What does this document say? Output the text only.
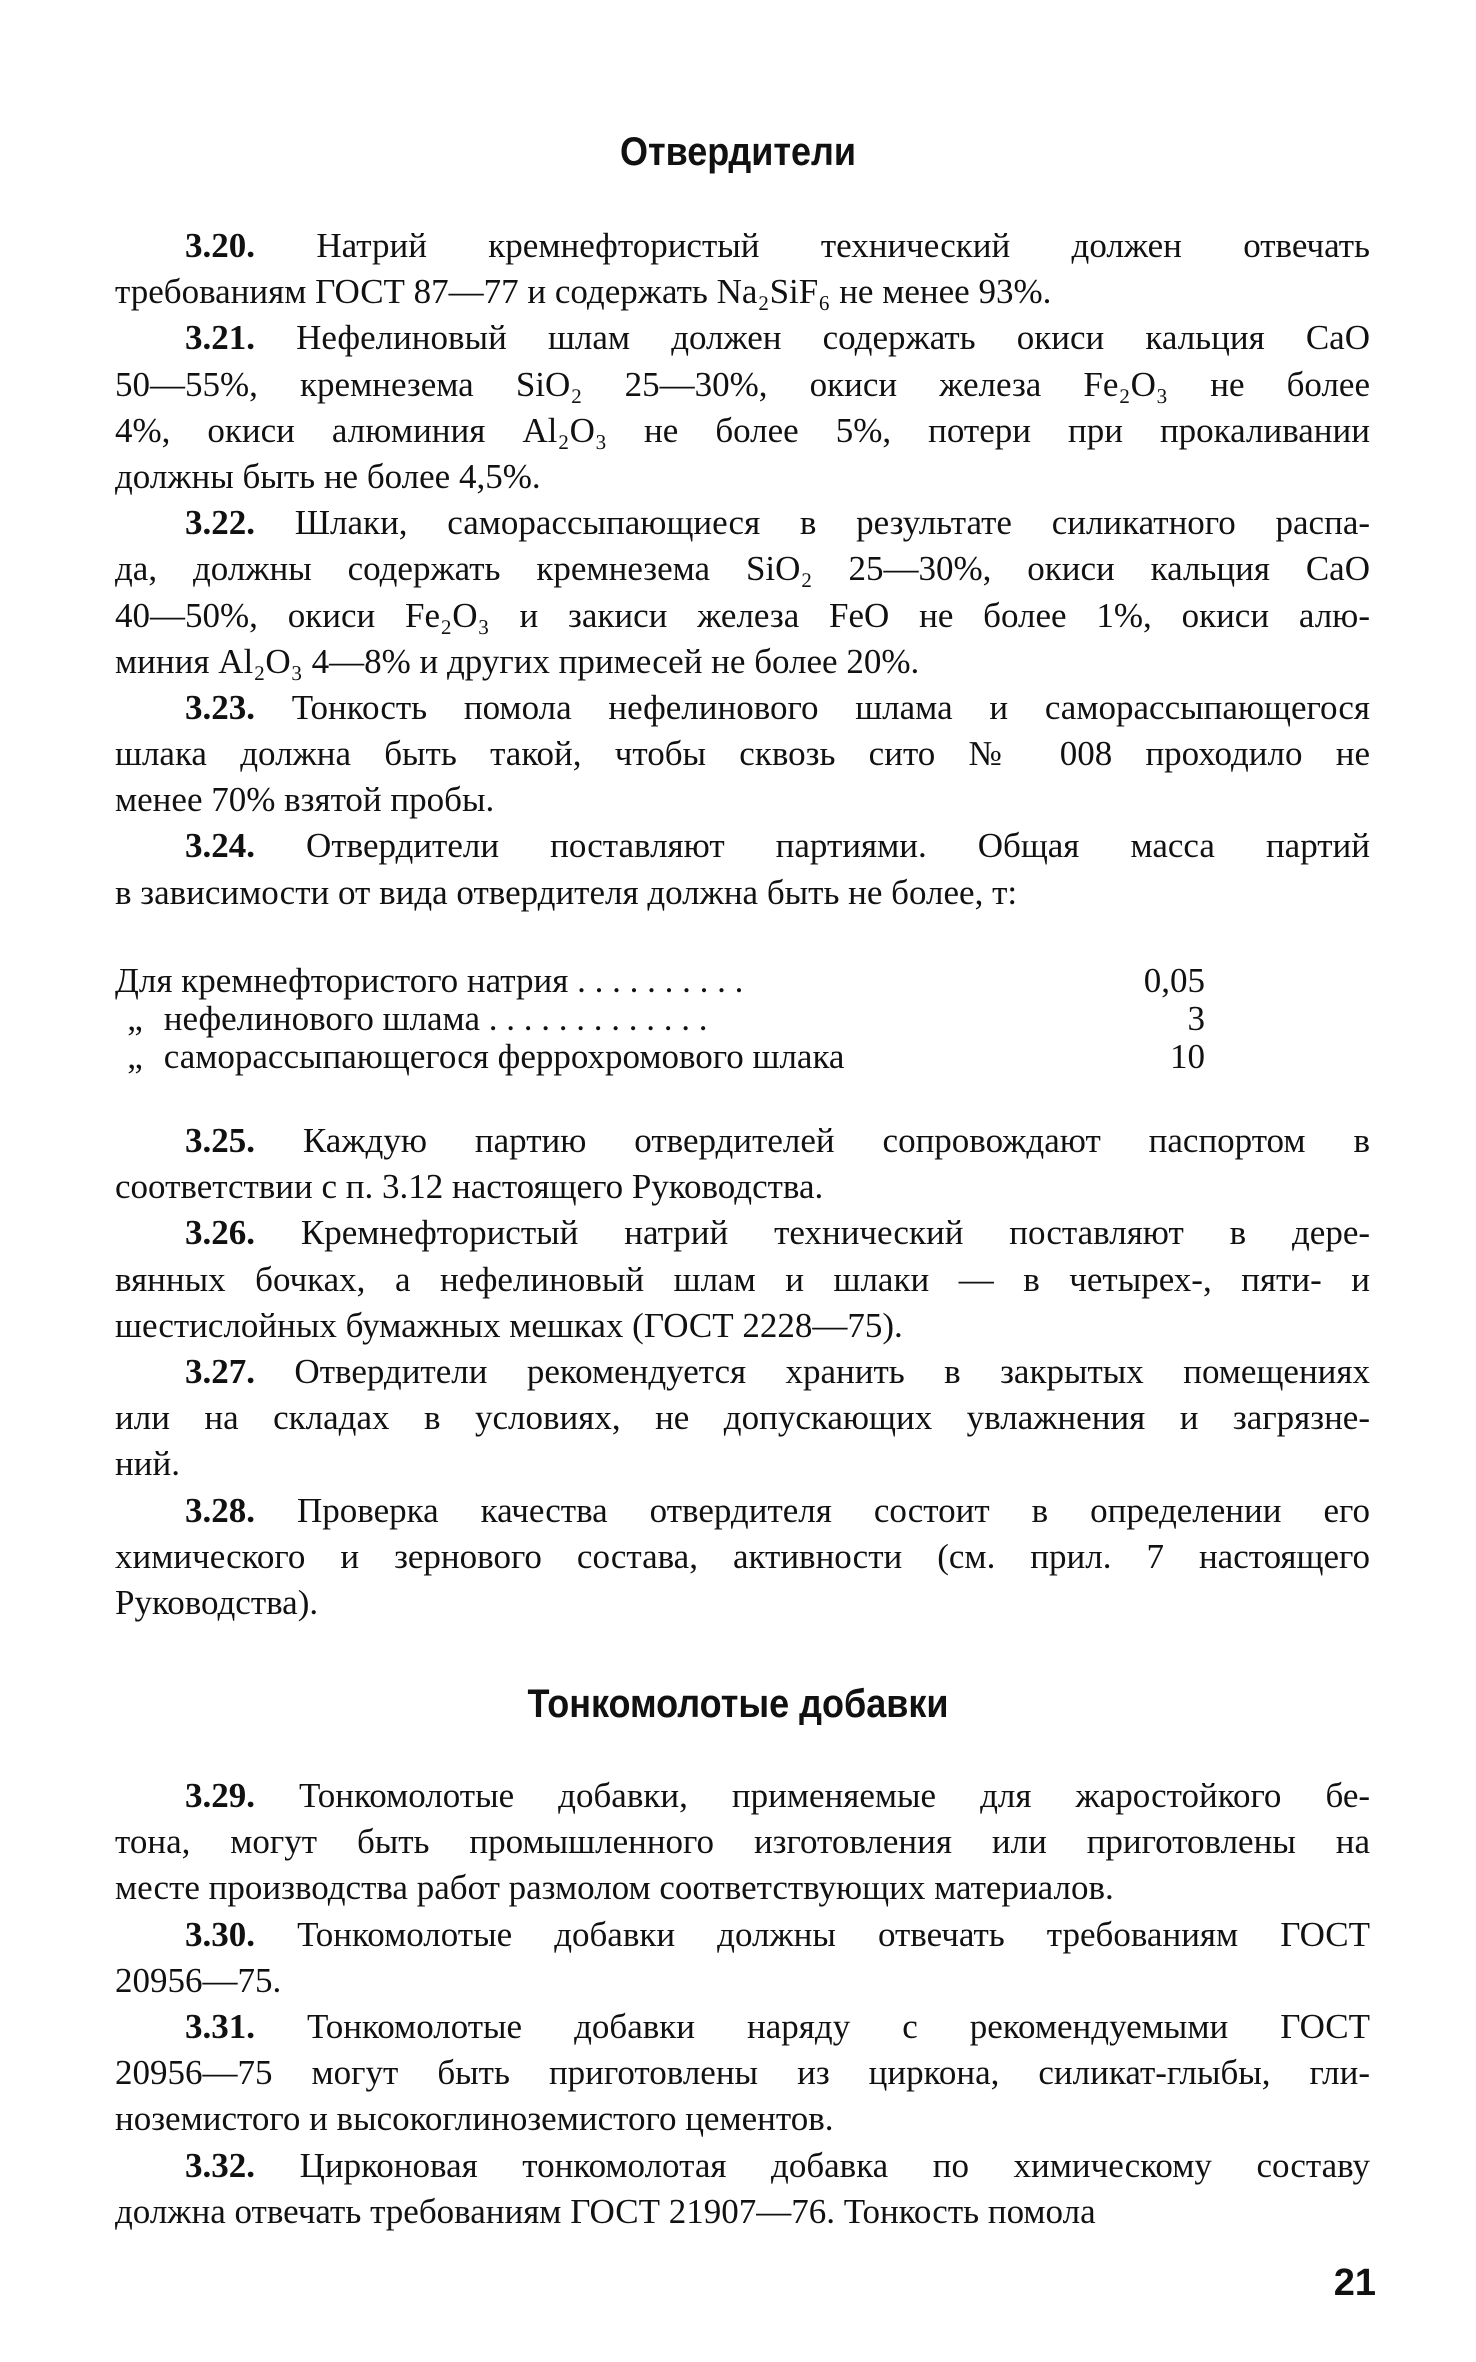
Отвердители
3.20. Натрий кремнефтористый технический должен отвечать
требованиям ГОСТ 87—77 и содержать Na₂SiF₆ не менее 93%.
3.21. Нефелиновый шлам должен содержать окиси кальция CaO
50—55%, кремнезема SiO₂ 25—30%, окиси железа Fe₂O₃ не более
4%, окиси алюминия Al₂O₃ не более 5%, потери при прокаливании
должны быть не более 4,5%.
3.22. Шлаки, саморассыпающиеся в результате силикатного распа-
да, должны содержать кремнезема SiO₂ 25—30%, окиси кальция CaO
40—50%, окиси Fe₂O₃ и закиси железа FeO не более 1%, окиси алю-
миния Al₂O₃ 4—8% и других примесей не более 20%.
3.23. Тонкость помола нефелинового шлама и саморассыпающегося
шлака должна быть такой, чтобы сквозь сито № 008 проходило не
менее 70% взятой пробы.
3.24. Отвердители поставляют партиями. Общая масса партий
в зависимости от вида отвердителя должна быть не более, т:
Для кремнефтористого натрия . . . . . . . . . .	0,05
„ нефелинового шлама . . . . . . . . . . . . .	3
„ саморассыпающегося феррохромового шлака	10
3.25. Каждую партию отвердителей сопровождают паспортом в
соответствии с п. 3.12 настоящего Руководства.
3.26. Кремнефтористый натрий технический поставляют в дере-
вянных бочках, а нефелиновый шлам и шлаки — в четырех-, пяти- и
шестислойных бумажных мешках (ГОСТ 2228—75).
3.27. Отвердители рекомендуется хранить в закрытых помещениях
или на складах в условиях, не допускающих увлажнения и загрязне-
ний.
3.28. Проверка качества отвердителя состоит в определении его
химического и зернового состава, активности (см. прил. 7 настоящего
Руководства).
Тонкомолотые добавки
3.29. Тонкомолотые добавки, применяемые для жаростойкого бе-
тона, могут быть промышленного изготовления или приготовлены на
месте производства работ размолом соответствующих материалов.
3.30. Тонкомолотые добавки должны отвечать требованиям ГОСТ
20956—75.
3.31. Тонкомолотые добавки наряду с рекомендуемыми ГОСТ
20956—75 могут быть приготовлены из циркона, силикат-глыбы, гли-
ноземистого и высокоглиноземистого цементов.
3.32. Цирконовая тонкомолотая добавка по химическому составу
должна отвечать требованиям ГОСТ 21907—76. Тонкость помола
21
